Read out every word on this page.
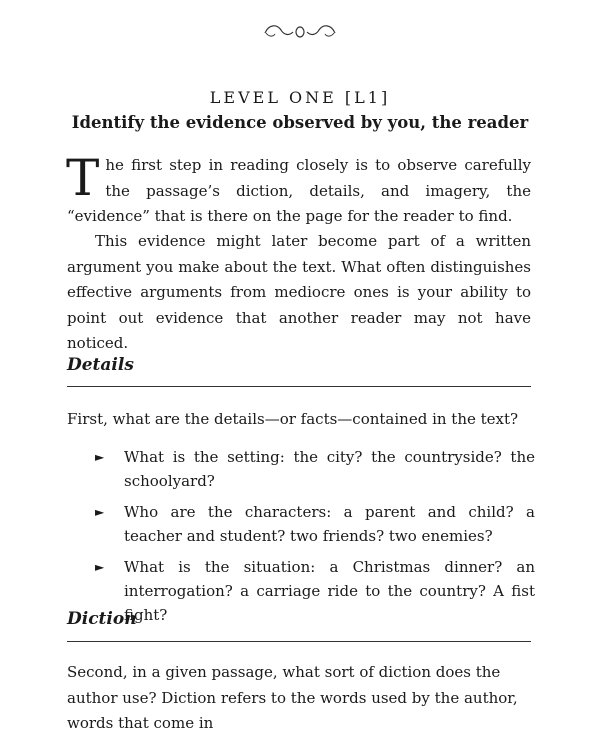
LEVEL ONE [L1]
Identify the evidence observed by you, the reader

The first step in reading closely is to observe carefully the passage’s diction, details, and imagery, the “evidence” that is there on the page for the reader to find.

This evidence might later become part of a written argument you make about the text. What often distinguishes effective arguments from mediocre ones is your ability to point out evidence that another reader may not have noticed.

Details

First, what are the details—or facts—contained in the text?

► What is the setting: the city? the countryside? the schoolyard?
► Who are the characters: a parent and child? a teacher and student? two friends? two enemies?
► What is the situation: a Christmas dinner? an interrogation? a carriage ride to the country? A fist fight?
Diction

Second, in a given passage, what sort of diction does the author use? Diction refers to the words used by the author, words that come in
